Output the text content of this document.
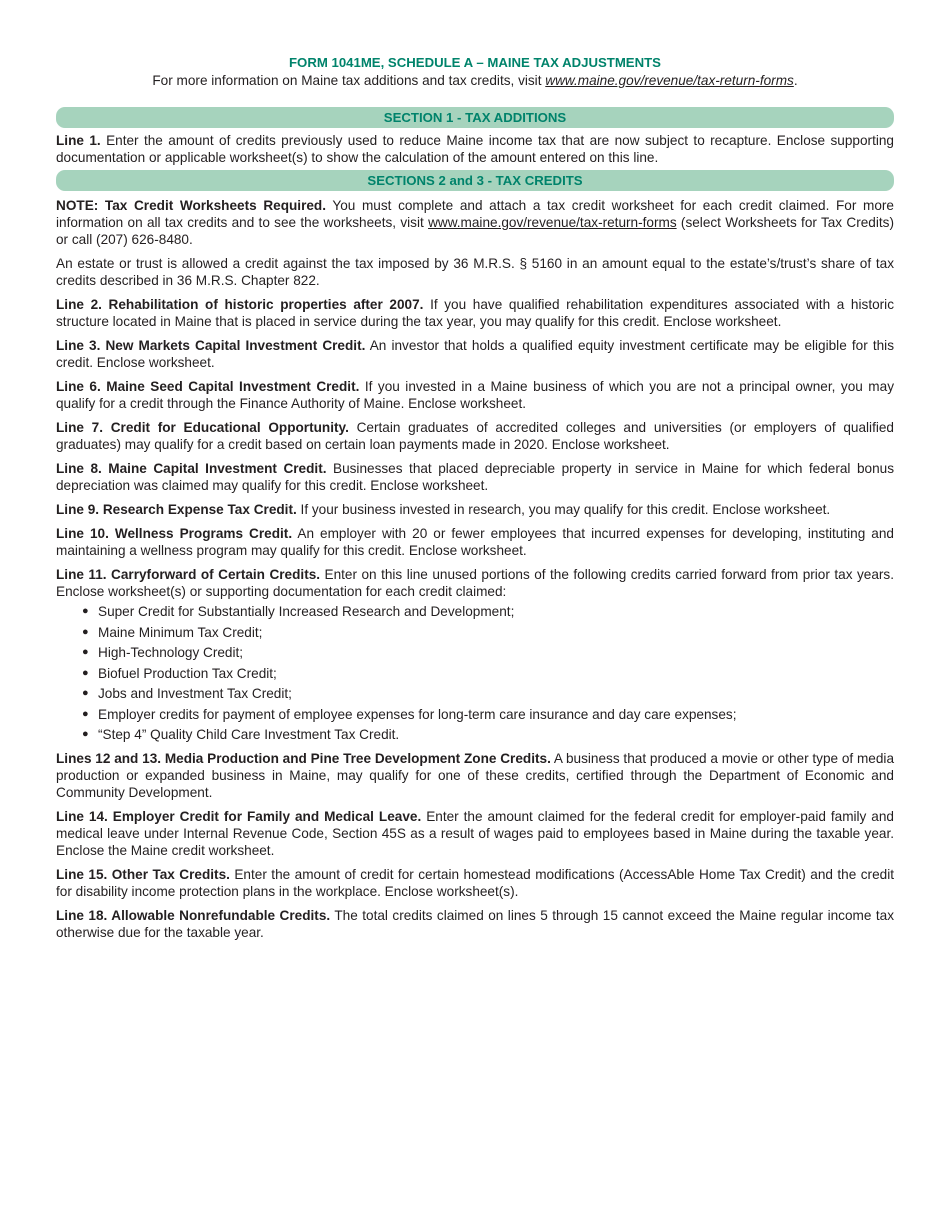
FORM 1041ME, SCHEDULE A – MAINE TAX ADJUSTMENTS
For more information on Maine tax additions and tax credits, visit www.maine.gov/revenue/tax-return-forms.
SECTION 1 - TAX ADDITIONS

Line 1. Enter the amount of credits previously used to reduce Maine income tax that are now subject to recapture. Enclose supporting documentation or applicable worksheet(s) to show the calculation of the amount entered on this line.

SECTIONS 2 and 3 - TAX CREDITS

NOTE: Tax Credit Worksheets Required. You must complete and attach a tax credit worksheet for each credit claimed. For more information on all tax credits and to see the worksheets, visit www.maine.gov/revenue/tax-return-forms (select Worksheets for Tax Credits) or call (207) 626-8480.

An estate or trust is allowed a credit against the tax imposed by 36 M.R.S. § 5160 in an amount equal to the estate’s/trust’s share of tax credits described in 36 M.R.S. Chapter 822.

Line 2. Rehabilitation of historic properties after 2007. If you have qualified rehabilitation expenditures associated with a historic structure located in Maine that is placed in service during the tax year, you may qualify for this credit. Enclose worksheet.

Line 3. New Markets Capital Investment Credit. An investor that holds a qualified equity investment certificate may be eligible for this credit. Enclose worksheet.

Line 6. Maine Seed Capital Investment Credit. If you invested in a Maine business of which you are not a principal owner, you may qualify for a credit through the Finance Authority of Maine. Enclose worksheet.

Line 7. Credit for Educational Opportunity. Certain graduates of accredited colleges and universities (or employers of qualified graduates) may qualify for a credit based on certain loan payments made in 2020. Enclose worksheet.

Line 8. Maine Capital Investment Credit. Businesses that placed depreciable property in service in Maine for which federal bonus depreciation was claimed may qualify for this credit. Enclose worksheet.

Line 9. Research Expense Tax Credit. If your business invested in research, you may qualify for this credit. Enclose worksheet.

Line 10. Wellness Programs Credit. An employer with 20 or fewer employees that incurred expenses for developing, instituting and maintaining a wellness program may qualify for this credit. Enclose worksheet.

Line 11. Carryforward of Certain Credits. Enter on this line unused portions of the following credits carried forward from prior tax years. Enclose worksheet(s) or supporting documentation for each credit claimed:

● Super Credit for Substantially Increased Research and Development;
● Maine Minimum Tax Credit;
● High-Technology Credit;
● Biofuel Production Tax Credit;
● Jobs and Investment Tax Credit;
● Employer credits for payment of employee expenses for long-term care insurance and day care expenses;
● “Step 4” Quality Child Care Investment Tax Credit.

Lines 12 and 13. Media Production and Pine Tree Development Zone Credits. A business that produced a movie or other type of media production or expanded business in Maine, may qualify for one of these credits, certified through the Department of Economic and Community Development.

Line 14. Employer Credit for Family and Medical Leave. Enter the amount claimed for the federal credit for employer-paid family and medical leave under Internal Revenue Code, Section 45S as a result of wages paid to employees based in Maine during the taxable year. Enclose the Maine credit worksheet.

Line 15. Other Tax Credits. Enter the amount of credit for certain homestead modifications (AccessAble Home Tax Credit) and the credit for disability income protection plans in the workplace. Enclose worksheet(s).

Line 18. Allowable Nonrefundable Credits. The total credits claimed on lines 5 through 15 cannot exceed the Maine regular income tax otherwise due for the taxable year.
